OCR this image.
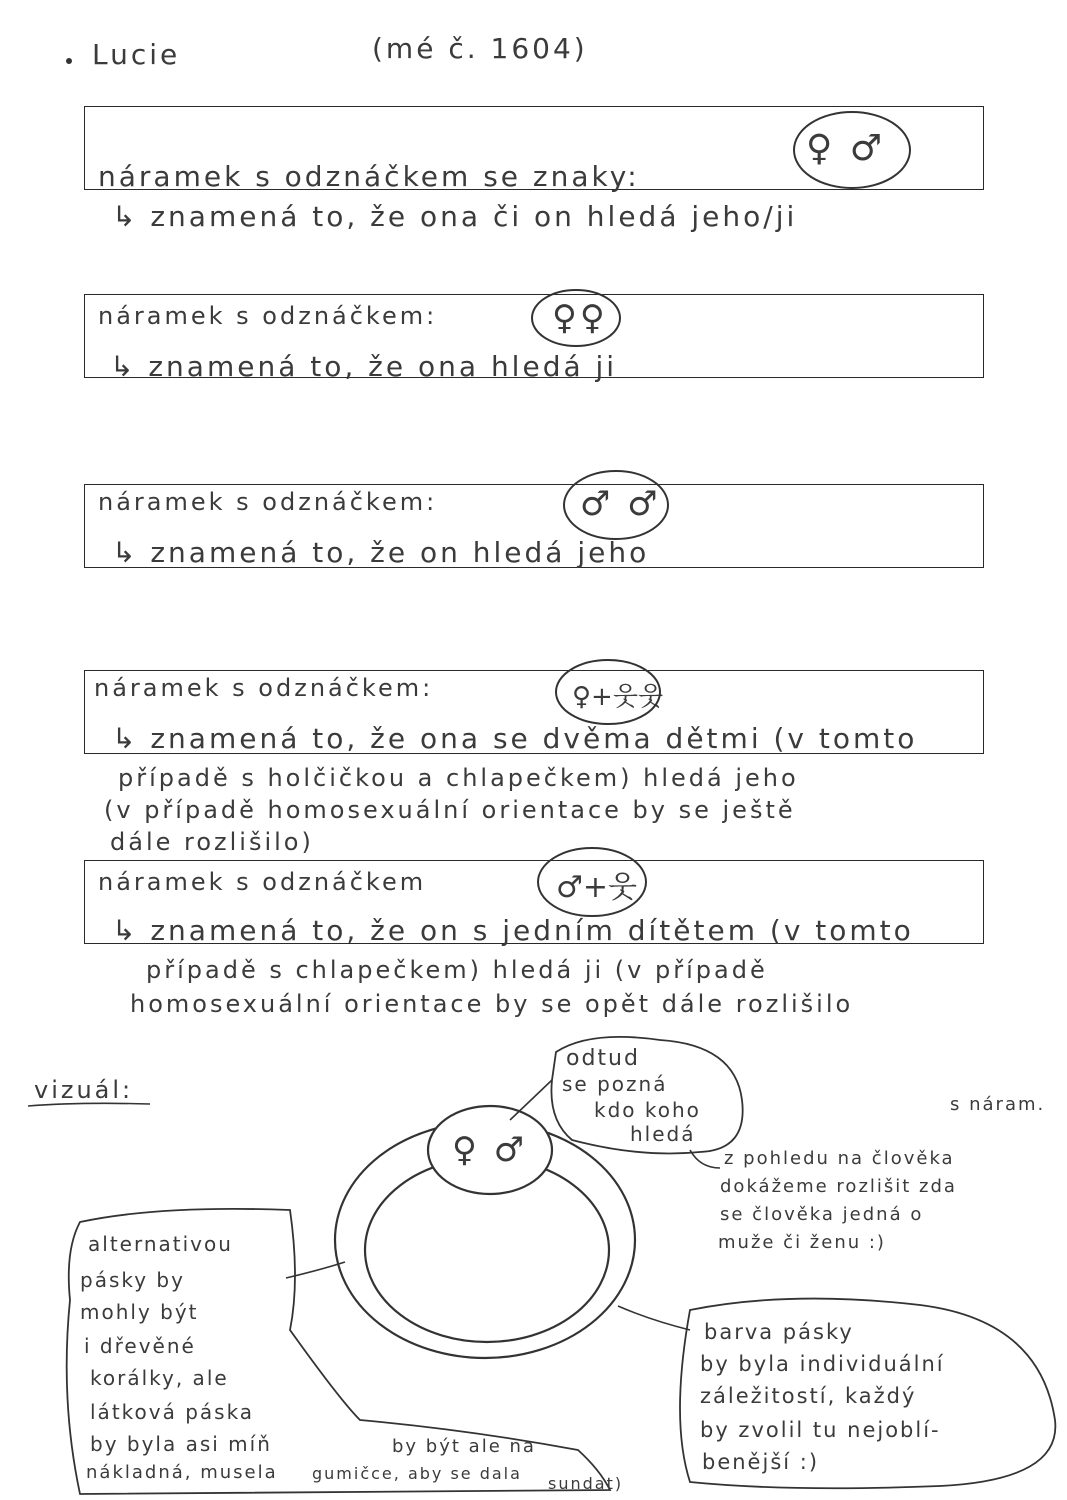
Lucie	(mé č. 1604)
náramek s odznáčkem se znaky:
♀ ♂
↳ znamená to, že ona či on hledá jeho/ji
náramek s odznáčkem:	♀♀
↳ znamená to, že ona hledá ji
náramek s odznáčkem:	♂ ♂
↳ znamená to, že on hledá jeho
náramek s odznáčkem:	♀+웃웃
↳ znamená to, že ona se dvěma dětmi (v tomto
případě s holčičkou a chlapečkem) hledá jeho
(v případě homosexuální orientace by se ještě
dále rozlišilo)
náramek s odznáčkem	♂+웃
↳ znamená to, že on s jedním dítětem (v tomto
případě s chlapečkem) hledá ji (v případě
homosexuální orientace by se opět dále rozlišilo
vizuál:
♀ ♂
odtud
se pozná
kdo koho
hledá
s náram.
z pohledu na člověka
dokážeme rozlišit zda
se člověka jedná o
muže či ženu :)
alternativou
pásky by
mohly být
i dřevěné
korálky, ale
látková páska
by byla asi míň	by být ale na
nákladná, musela gumičce, aby se dala
sundat)
barva pásky
by byla individuální
záležitostí, každý
by zvolil tu nejoblí-
benější :)
